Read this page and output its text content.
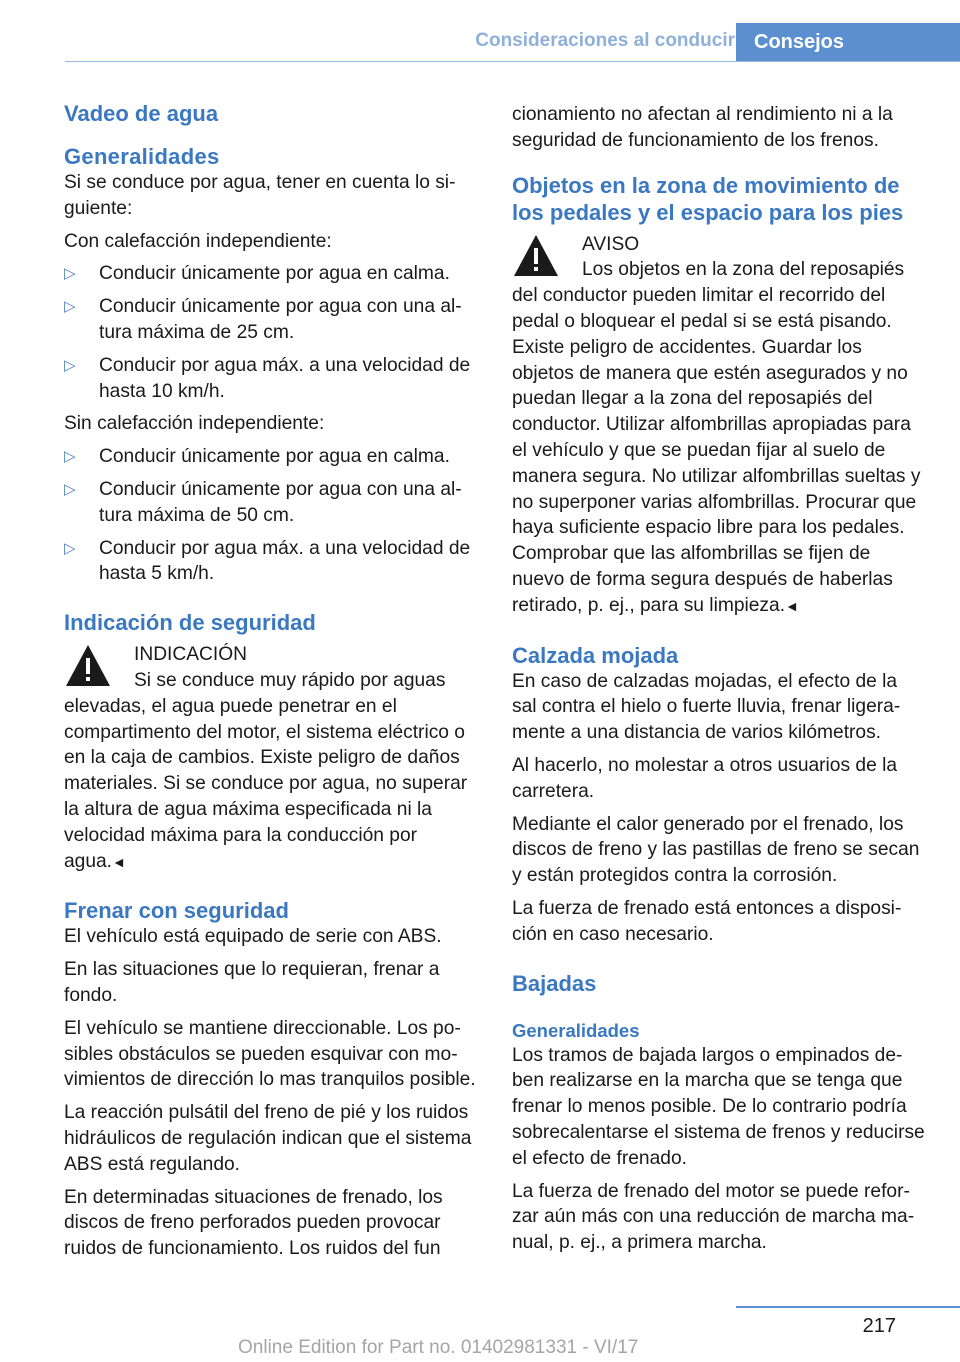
Consideraciones al conducir Consejos
Vadeo de agua
Generalidades

Si se conduce por agua, tener en cuenta lo siguiente:

Con calefacción independiente:

▷ Conducir únicamente por agua en calma.
▷ Conducir únicamente por agua con una altura máxima de 25 cm.
▷ Conducir por agua máx. a una velocidad de hasta 10 km/h.

Sin calefacción independiente:

▷ Conducir únicamente por agua en calma.
▷ Conducir únicamente por agua con una altura máxima de 50 cm.
▷ Conducir por agua máx. a una velocidad de hasta 5 km/h.
Indicación de seguridad
INDICACIÓN
Si se conduce muy rápido por aguas elevadas, el agua puede penetrar en el compartimento del motor, el sistema eléctrico o en la caja de cambios. Existe peligro de daños materiales. Si se conduce por agua, no superar la altura de agua máxima especificada ni la velocidad máxima para la conducción por agua.◄
Frenar con seguridad

El vehículo está equipado de serie con ABS.

En las situaciones que lo requieran, frenar a fondo.

El vehículo se mantiene direccionable. Los posibles obstáculos se pueden esquivar con movimientos de dirección lo mas tranquilos posible.

La reacción pulsátil del freno de pié y los ruidos hidráulicos de regulación indican que el sistema ABS está regulando.

En determinadas situaciones de frenado, los discos de freno perforados pueden provocar ruidos de funcionamiento. Los ruidos del fun

cionamiento no afectan al rendimiento ni a la seguridad de funcionamiento de los frenos.

Objetos en la zona de movimiento de los pedales y el espacio para los pies
AVISO
Los objetos en la zona del reposapiés del conductor pueden limitar el recorrido del pedal o bloquear el pedal si se está pisando. Existe peligro de accidentes. Guardar los objetos de manera que estén asegurados y no puedan llegar a la zona del reposapiés del conductor. Utilizar alfombrillas apropiadas para el vehículo y que se puedan fijar al suelo de manera segura. No utilizar alfombrillas sueltas y no superponer varias alfombrillas. Procurar que haya suficiente espacio libre para los pedales. Comprobar que las alfombrillas se fijen de nuevo de forma segura después de haberlas retirado, p. ej., para su limpieza.◄
Calzada mojada

En caso de calzadas mojadas, el efecto de la sal contra el hielo o fuerte lluvia, frenar ligeramente a una distancia de varios kilómetros.

Al hacerlo, no molestar a otros usuarios de la carretera.

Mediante el calor generado por el frenado, los discos de freno y las pastillas de freno se secan y están protegidos contra la corrosión.

La fuerza de frenado está entonces a disposición en caso necesario.

Bajadas
Generalidades

Los tramos de bajada largos o empinados deben realizarse en la marcha que se tenga que frenar lo menos posible. De lo contrario podría sobrecalentarse el sistema de frenos y reducirse el efecto de frenado.

La fuerza de frenado del motor se puede reforzar aún más con una reducción de marcha manual, p. ej., a primera marcha.

217
Online Edition for Part no. 01402981331 - VI/17
